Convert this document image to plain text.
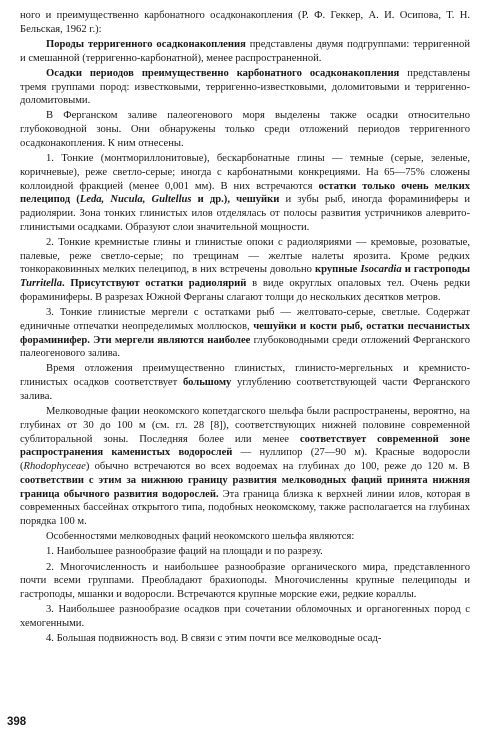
ного и преимущественно карбонатного осадконакопления (Р. Ф. Геккер, А. И. Осипова, Т. Н. Бельская, 1962 г.):

Породы терригенного осадконакопления представлены двумя подгруппами: терригенной и смешанной (терригенно-карбонатной), менее распространенной.

Осадки периодов преимущественно карбонатного осадконакопления представлены тремя группами пород: известковыми, терригенно-известковыми, доломитовыми и терригенно-доломитовыми.

В Ферганском заливе палеогенового моря выделены также осадки относительно глубоководной зоны. Они обнаружены только среди отложений периодов терригенного осадконакопления. К ним отнесены.

1. Тонкие (монтмориллонитовые), бескарбонатные глины — темные (серые, зеленые, коричневые), реже светло-серые; иногда с карбонатными конкрециями. На 65—75% сложены коллоидной фракцией (менее 0,001 мм). В них встречаются остатки только очень мелких пелеципод (Leda, Nucula, Gultellus и др.), чешуйки и зубы рыб, иногда фораминиферы и радиолярии. Зона тонких глинистых илов отделялась от полосы развития устричников алеврито-глинистыми осадками. Образуют слои значительной мощности.

2. Тонкие кремнистые глины и глинистые опоки с радиоляриями — кремовые, розоватые, палевые, реже светло-серые; по трещинам — желтые налеты ярозита. Кроме редких тонкораковинных мелких пелеципод, в них встречены довольно крупные Isocardia и гастроподы Turritella. Присутствуют остатки радиолярий в виде округлых опаловых тел. Очень редки фораминиферы. В разрезах Южной Ферганы слагают толщи до нескольких десятков метров.

3. Тонкие глинистые мергели с остатками рыб — желтовато-серые, светлые. Содержат единичные отпечатки неопределимых моллюсков, чешуйки и кости рыб, остатки песчанистых фораминифер. Эти мергели являются наиболее глубоководными среди отложений Ферганского палеогенового залива.

Время отложения преимущественно глинистых, глинисто-мергельных и кремнисто-глинистых осадков соответствует большому углублению соответствующей части Ферганского залива.

Мелководные фации неокомского копетдагского шельфа были распространены, вероятно, на глубинах от 30 до 100 м (см. гл. 28 [8]), соответствующих нижней половине современной сублиторальной зоны. Последняя более или менее соответствует современной зоне распространения каменистых водорослей — нуллипор (27—90 м). Красные водоросли (Rhodophyceae) обычно встречаются во всех водоемах на глубинах до 100, реже до 120 м. В соответствии с этим за нижнюю границу развития мелководных фаций принята нижняя граница обычного развития водорослей. Эта граница близка к верхней линии илов, которая в современных бассейнах открытого типа, подобных неокомскому, также располагается на глубинах порядка 100 м.

Особенностями мелководных фаций неокомского шельфа являются:

1. Наибольшее разнообразие фаций на площади и по разрезу.

2. Многочисленность и наибольшее разнообразие органического мира, представленного почти всеми группами. Преобладают брахиоподы. Многочисленны крупные пелециподы и гастроподы, мшанки и водоросли. Встречаются крупные морские ежи, редкие кораллы.

3. Наибольшее разнообразие осадков при сочетании обломочных и органогенных пород с хемогенными.

4. Большая подвижность вод. В связи с этим почти все мелководные осад-

398
